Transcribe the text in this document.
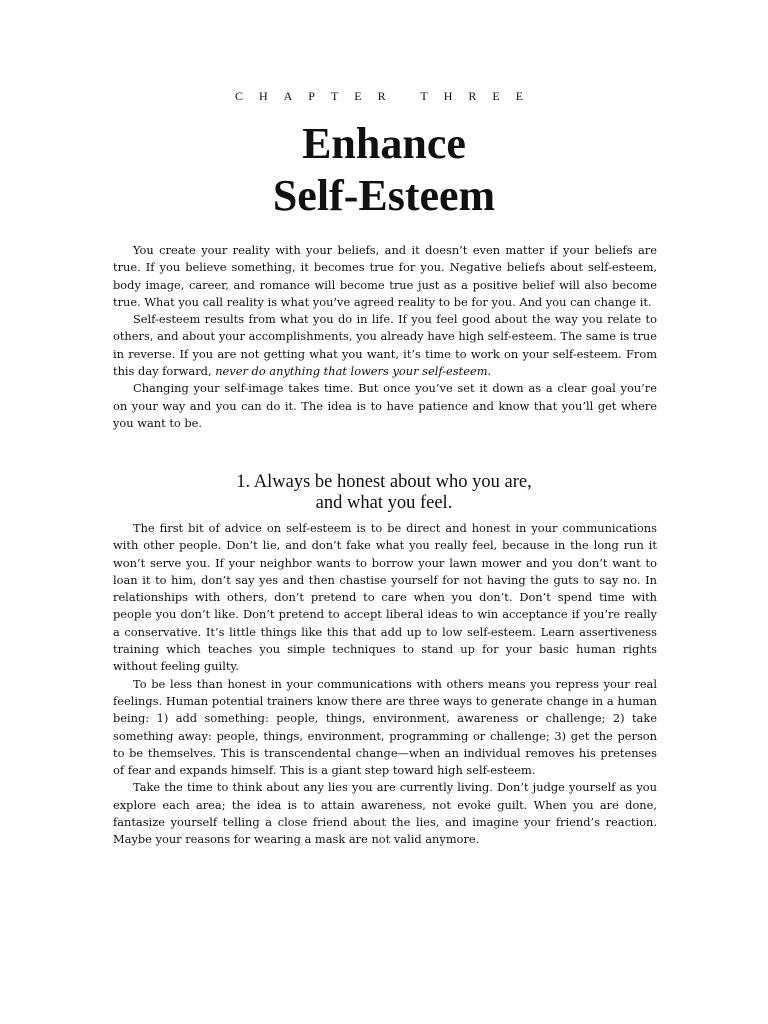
CHAPTER THREE
Enhance
Self-Esteem

You create your reality with your beliefs, and it doesn’t even matter if your beliefs are true. If you believe something, it becomes true for you. Negative beliefs about self-esteem, body image, career, and romance will become true just as a positive belief will also become true. What you call reality is what you’ve agreed reality to be for you. And you can change it.

Self-esteem results from what you do in life. If you feel good about the way you relate to others, and about your accomplishments, you already have high self-esteem. The same is true in reverse. If you are not getting what you want, it’s time to work on your self-esteem. From this day forward, never do anything that lowers your self-esteem.

Changing your self-image takes time. But once you’ve set it down as a clear goal you’re on your way and you can do it. The idea is to have patience and know that you’ll get where you want to be.

1. Always be honest about who you are,
and what you feel.

The first bit of advice on self-esteem is to be direct and honest in your communications with other people. Don’t lie, and don’t fake what you really feel, because in the long run it won’t serve you. If your neighbor wants to borrow your lawn mower and you don’t want to loan it to him, don’t say yes and then chastise yourself for not having the guts to say no. In relationships with others, don’t pretend to care when you don’t. Don’t spend time with people you don’t like. Don’t pretend to accept liberal ideas to win acceptance if you’re really a conservative. It’s little things like this that add up to low self-esteem. Learn assertiveness training which teaches you simple techniques to stand up for your basic human rights without feeling guilty.

To be less than honest in your communications with others means you repress your real feelings. Human potential trainers know there are three ways to generate change in a human being: 1) add something: people, things, environment, awareness or challenge; 2) take something away: people, things, environment, programming or challenge; 3) get the person to be themselves. This is transcendental change—when an individual removes his pretenses of fear and expands himself. This is a giant step toward high self-esteem.

Take the time to think about any lies you are currently living. Don’t judge yourself as you explore each area; the idea is to attain awareness, not evoke guilt. When you are done, fantasize yourself telling a close friend about the lies, and imagine your friend’s reaction. Maybe your reasons for wearing a mask are not valid anymore.
